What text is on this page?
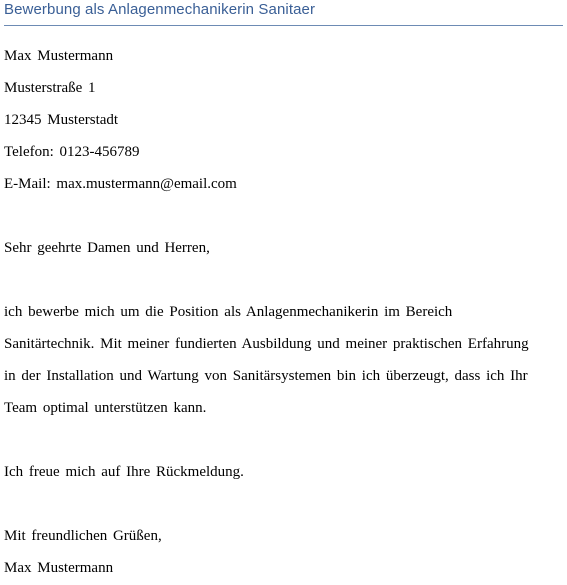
Bewerbung als Anlagenmechanikerin Sanitaer
Max Mustermann
Musterstraße 1
12345 Musterstadt
Telefon: 0123-456789
E-Mail: max.mustermann@email.com
Sehr geehrte Damen und Herren,
ich bewerbe mich um die Position als Anlagenmechanikerin im Bereich
Sanitärtechnik. Mit meiner fundierten Ausbildung und meiner praktischen Erfahrung
in der Installation und Wartung von Sanitärsystemen bin ich überzeugt, dass ich Ihr
Team optimal unterstützen kann.
Ich freue mich auf Ihre Rückmeldung.
Mit freundlichen Grüßen,
Max Mustermann
